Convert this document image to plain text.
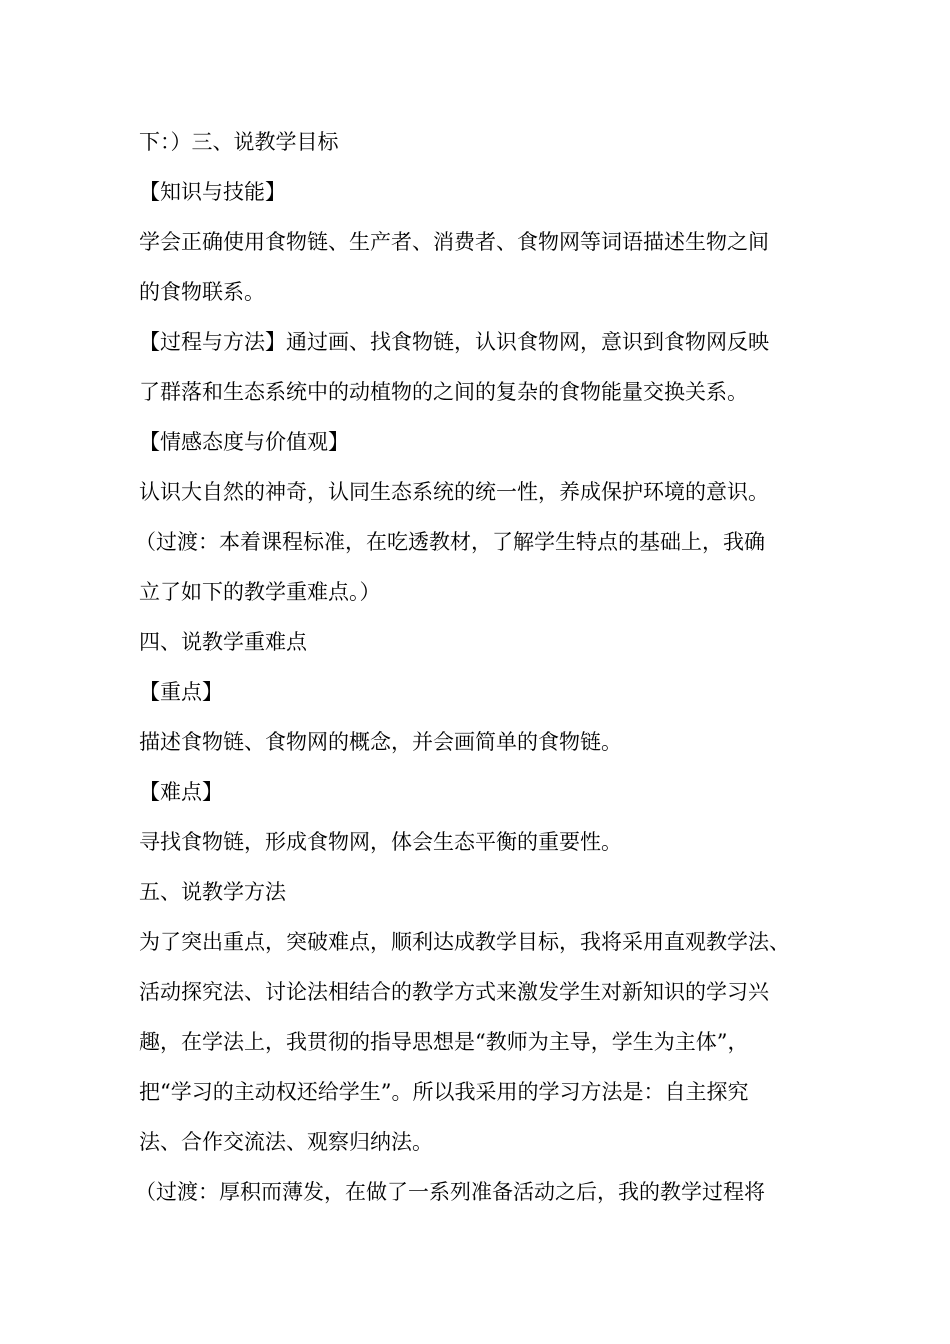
下：）三、说教学目标
【知识与技能】
学会正确使用食物链、生产者、消费者、食物网等词语描述生物之间
的食物联系。
【过程与方法】通过画、找食物链，认识食物网，意识到食物网反映
了群落和生态系统中的动植物的之间的复杂的食物能量交换关系。
【情感态度与价值观】
认识大自然的神奇，认同生态系统的统一性，养成保护环境的意识。
（过渡：本着课程标准，在吃透教材，了解学生特点的基础上，我确
立了如下的教学重难点。）
四、说教学重难点
【重点】
描述食物链、食物网的概念，并会画简单的食物链。
【难点】
寻找食物链，形成食物网，体会生态平衡的重要性。
五、说教学方法
为了突出重点，突破难点，顺利达成教学目标，我将采用直观教学法、
活动探究法、讨论法相结合的教学方式来激发学生对新知识的学习兴
趣，在学法上，我贯彻的指导思想是“教师为主导，学生为主体”，
把“学习的主动权还给学生”。所以我采用的学习方法是：自主探究
法、合作交流法、观察归纳法。
（过渡：厚积而薄发，在做了一系列准备活动之后，我的教学过程将
